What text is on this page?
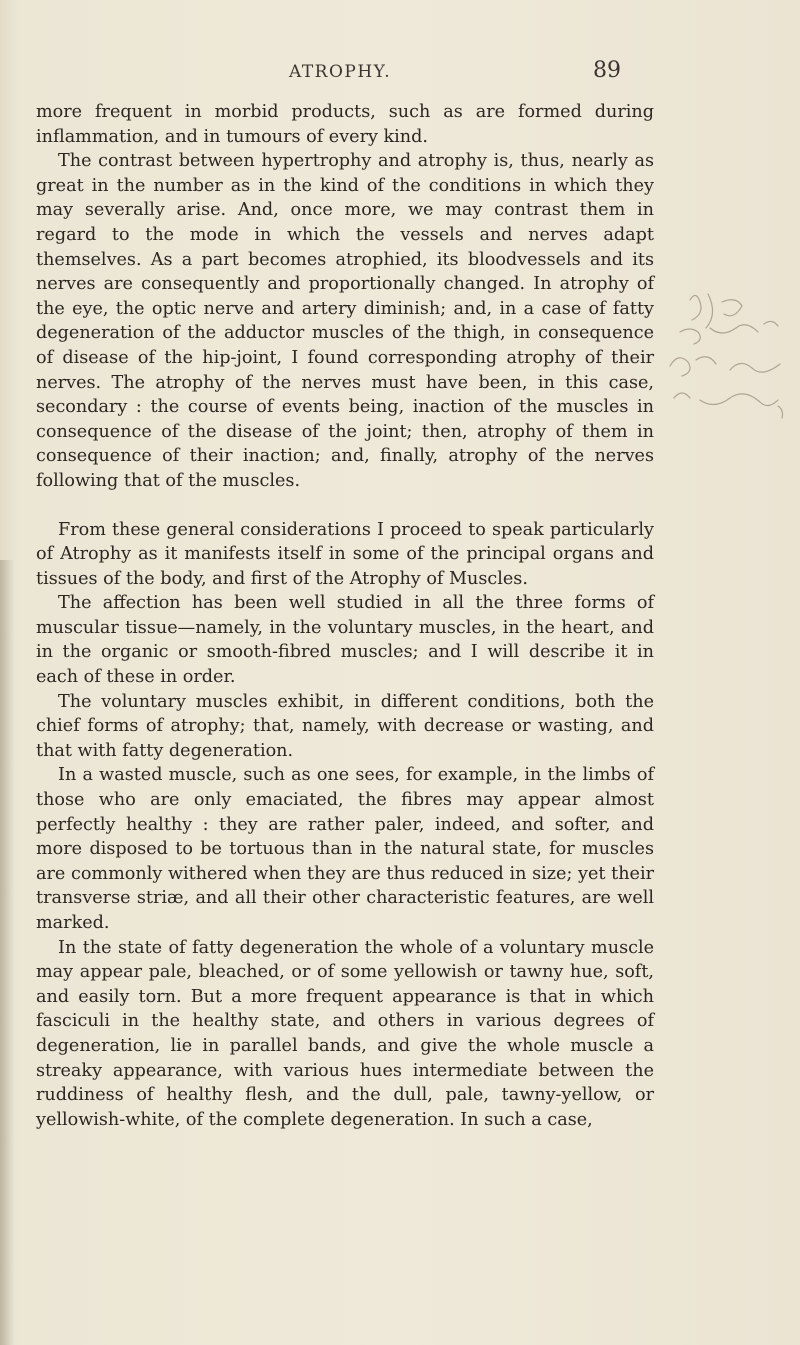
ATROPHY.	89

more frequent in morbid products, such as are formed during inflammation, and in tumours of every kind.

The contrast between hypertrophy and atrophy is, thus, nearly as great in the number as in the kind of the conditions in which they may severally arise. And, once more, we may contrast them in regard to the mode in which the vessels and nerves adapt themselves. As a part becomes atrophied, its bloodvessels and its nerves are consequently and proportionally changed. In atrophy of the eye, the optic nerve and artery diminish; and, in a case of fatty degeneration of the adductor muscles of the thigh, in consequence of disease of the hip-joint, I found corresponding atrophy of their nerves. The atrophy of the nerves must have been, in this case, secondary : the course of events being, inaction of the muscles in consequence of the disease of the joint; then, atrophy of them in consequence of their inaction; and, finally, atrophy of the nerves following that of the muscles.

From these general considerations I proceed to speak particularly of Atrophy as it manifests itself in some of the principal organs and tissues of the body, and first of the Atrophy of Muscles.

The affection has been well studied in all the three forms of muscular tissue—namely, in the voluntary muscles, in the heart, and in the organic or smooth-fibred muscles; and I will describe it in each of these in order.

The voluntary muscles exhibit, in different conditions, both the chief forms of atrophy; that, namely, with decrease or wasting, and that with fatty degeneration.

In a wasted muscle, such as one sees, for example, in the limbs of those who are only emaciated, the fibres may appear almost perfectly healthy : they are rather paler, indeed, and softer, and more disposed to be tortuous than in the natural state, for muscles are commonly withered when they are thus reduced in size; yet their transverse striæ, and all their other characteristic features, are well marked.

In the state of fatty degeneration the whole of a voluntary muscle may appear pale, bleached, or of some yellowish or tawny hue, soft, and easily torn. But a more frequent appearance is that in which fasciculi in the healthy state, and others in various degrees of degeneration, lie in parallel bands, and give the whole muscle a streaky appearance, with various hues intermediate between the ruddiness of healthy flesh, and the dull, pale, tawny-yellow, or yellowish-white, of the complete degeneration. In such a case,
